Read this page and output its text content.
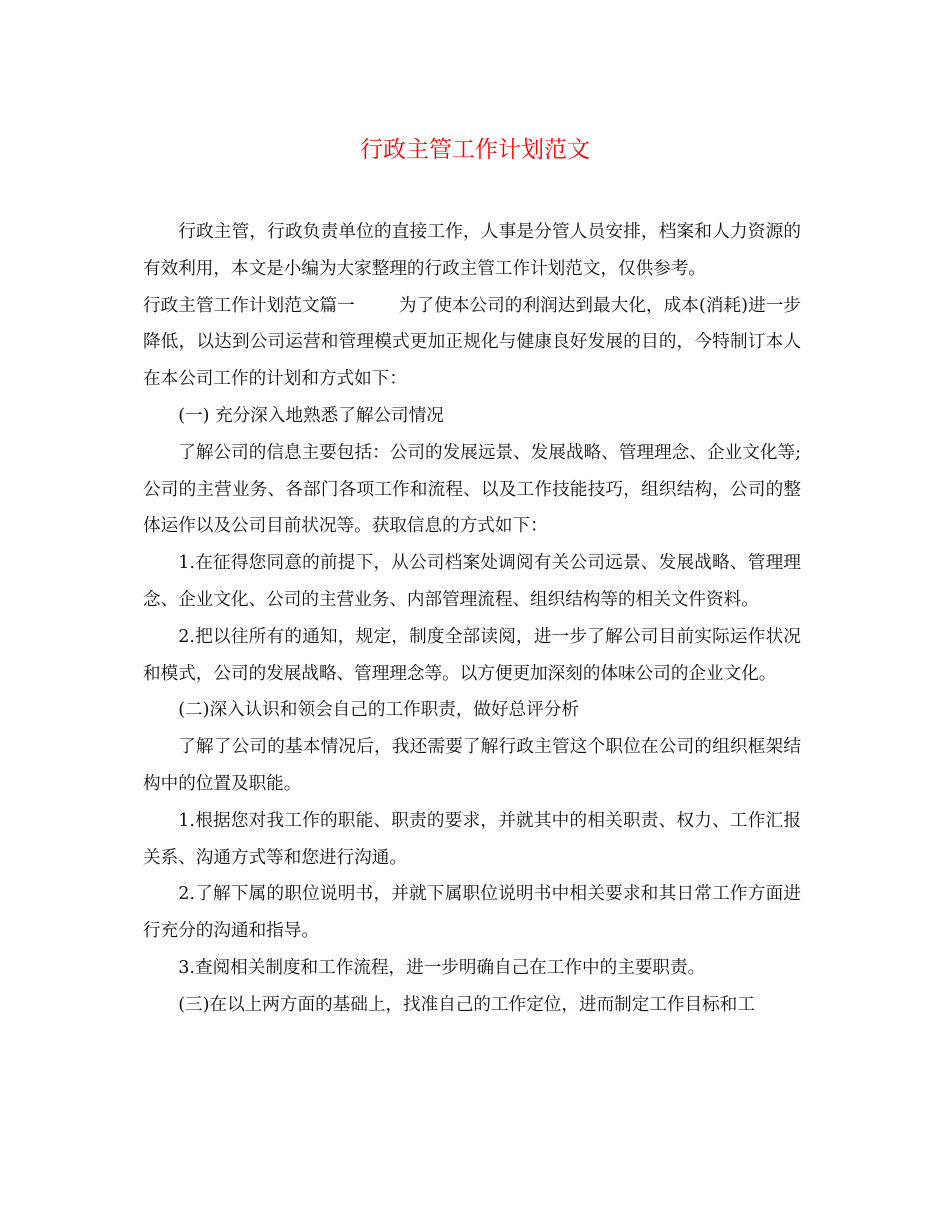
行政主管工作计划范文

行政主管，行政负责单位的直接工作，人事是分管人员安排，档案和人力资源的有效利用，本文是小编为大家整理的行政主管工作计划范文，仅供参考。

行政主管工作计划范文篇一	为了使本公司的利润达到最大化，成本(消耗)进一步降低，以达到公司运营和管理模式更加正规化与健康良好发展的目的，今特制订本人在本公司工作的计划和方式如下：

(一) 充分深入地熟悉了解公司情况

了解公司的信息主要包括：公司的发展远景、发展战略、管理理念、企业文化等;公司的主营业务、各部门各项工作和流程、以及工作技能技巧，组织结构，公司的整体运作以及公司目前状况等。获取信息的方式如下：

1.在征得您同意的前提下，从公司档案处调阅有关公司远景、发展战略、管理理念、企业文化、公司的主营业务、内部管理流程、组织结构等的相关文件资料。

2.把以往所有的通知，规定，制度全部读阅，进一步了解公司目前实际运作状况和模式，公司的发展战略、管理理念等。以方便更加深刻的体味公司的企业文化。

(二)深入认识和领会自己的工作职责，做好总评分析

了解了公司的基本情况后，我还需要了解行政主管这个职位在公司的组织框架结构中的位置及职能。

1.根据您对我工作的职能、职责的要求，并就其中的相关职责、权力、工作汇报关系、沟通方式等和您进行沟通。

2.了解下属的职位说明书，并就下属职位说明书中相关要求和其日常工作方面进行充分的沟通和指导。

3.查阅相关制度和工作流程，进一步明确自己在工作中的主要职责。

(三)在以上两方面的基础上，找准自己的工作定位，进而制定工作目标和工
